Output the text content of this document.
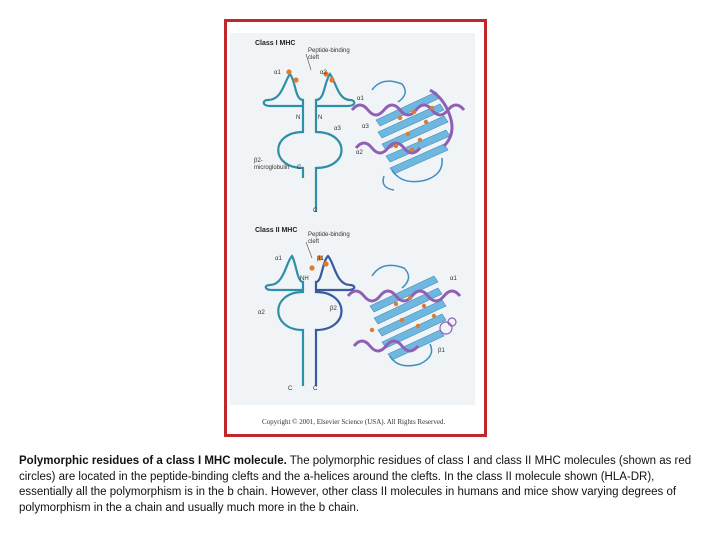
Class I MHC
Peptide-binding
cleft
α1	α2
N	N
α3
β2-
microglobulin C
C
α1
α3
α2
Class II MHC
Peptide-binding
cleft
α1	β1
NH
α2
β2
C	C
α1
β1
Copyright © 2001, Elsevier Science (USA). All Rights Reserved.
Polymorphic residues of a class I MHC molecule. The polymorphic residues of class I and class II MHC molecules (shown as red circles) are located in the peptide-binding clefts and the a-helices around the clefts. In the class II molecule shown (HLA-DR), essentially all the polymorphism is in the b chain. However, other class II molecules in humans and mice show varying degrees of polymorphism in the a chain and usually much more in the b chain.
